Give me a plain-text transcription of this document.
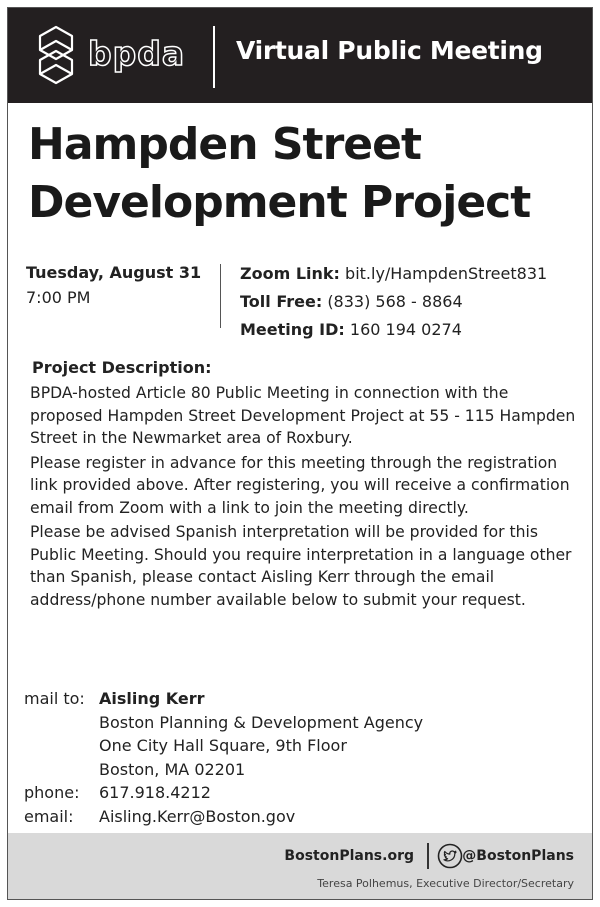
bpda Virtual Public Meeting
Hampden Street
Development Project
Tuesday, August 31
7:00 PM
Zoom Link: bit.ly/HampdenStreet831
Toll Free: (833) 568 - 8864
Meeting ID: 160 194 0274
Project Description:

BPDA-hosted Article 80 Public Meeting in connection with the proposed Hampden Street Development Project at 55 - 115 Hampden Street in the Newmarket area of Roxbury.

Please register in advance for this meeting through the registration link provided above. After registering, you will receive a confirmation email from Zoom with a link to join the meeting directly.

Please be advised Spanish interpretation will be provided for this Public Meeting. Should you require interpretation in a language other than Spanish, please contact Aisling Kerr through the email address/phone number available below to submit your request.

mail to: Aisling Kerr
Boston Planning & Development Agency
One City Hall Square, 9th Floor
Boston, MA 02201
phone:	617.918.4212
email:	Aisling.Kerr@Boston.gov
BostonPlans.org	@BostonPlans
Teresa Polhemus, Executive Director/Secretary
